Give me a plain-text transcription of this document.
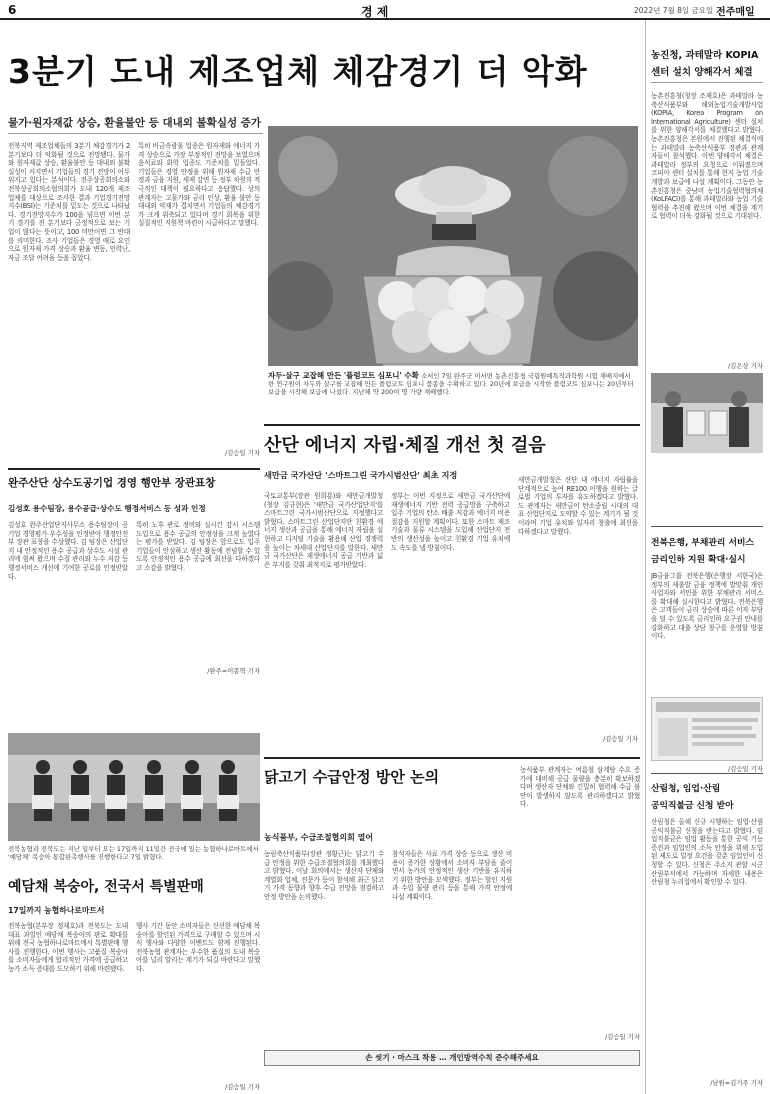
6	경 제	2022년 7월 8일 금요일 전주매일
3분기 도내 제조업체 체감경기 더 악화
물가·원자재값 상승, 환율불안 등 대내외 불확실성 증가
전북지역 제조업체들의 3분기 체감경기가 2분기보다 더 악화될 것으로 전망됐다. 물가와 원자재값 상승, 환율불안 등 대내외 불확실성이 커지면서 기업들의 경기 전망이 어두워지고 있다는 분석이다. 전주상공회의소와 전북상공회의소협의회가 도내 120개 제조업체를 대상으로 조사한 결과 기업경기전망지수(BSI)는 기준치를 밑도는 것으로 나타났다. 경기전망지수가 100을 넘으면 이번 분기 경기를 전 분기보다 긍정적으로 보는 기업이 많다는 뜻이고, 100 미만이면 그 반대를 의미한다. 조사 기업들은 경영 애로 요인으로 원자재 가격 상승과 환율 변동, 인력난, 자금 조달 어려움 등을 꼽았다.
특히 비금속광물 업종은 원자재와 에너지 가격 상승으로 가장 부정적인 전망을 보였으며 음식료와 화학 업종도 기준치를 밑돌았다. 기업들은 경영 안정을 위해 원자재 수급 안정과 금융 지원, 세제 감면 등 정부 차원의 적극적인 대책이 필요하다고 응답했다. 상의 관계자는 고물가와 금리 인상, 환율 불안 등 대내외 악재가 겹치면서 기업들의 체감경기가 크게 위축되고 있다며 경기 회복을 위한 실질적인 지원책 마련이 시급하다고 말했다.
/김승일 기자
자두·살구 교잡해 만든 '플럼코트 심포니' 수확 소서인 7일 완주군 이서면 농촌진흥청 국립원예특작과학원 시험 재배지에서 한 연구원이 자두와 살구를 교잡해 만든 플럼코트 심포니 품종을 수확하고 있다. 20년에 보급을 시작한 플럼코트 심포니는 20년부터 보급을 시작해 보급에 나섰다. 지난해 약 200여 명 가량 재배했다.
농진청, 과테말라 KOPIA
센터 설치 양해각서 체결
농촌진흥청(청장 조재호)은 과테말라 농축산식품부와 해외농업기술개발사업(KOPIA, Korea Program on International Agriculture) 센터 설치를 위한 양해각서를 체결했다고 밝혔다. 농촌진흥청은 본원에서 진행된 체결식에는 과테말라 농축산식품부 장관과 관계자들이 참석했다. 이번 양해각서 체결은 과테말라 정부의 요청으로 이뤄졌으며 코피아 센터 설치를 통해 현지 농업 기술 개발과 보급에 나설 계획이다. 그동안 농촌진흥청은 중남미 농업기술협력협의체(KoLFACI)를 통해 과테말라와 농업 기술 협력을 추진해 왔으며 이번 체결을 계기로 협력이 더욱 강화될 것으로 기대된다.
/김은상 기자
산단 에너지 자립·체질 개선 첫 걸음
새만금 국가산단 '스마트그린 국가시범산단' 최초 지정
국토교통부(장관 원희룡)와 새만금개발청(청장 김규현)은 '새만금 국가산업단지'를 스마트그린 국가시범산단으로 지정했다고 밝혔다. 스마트그린 산업단지란 친환경 에너지 생산과 공급을 통해 에너지 자립을 실현하고 디지털 기술을 활용해 산업 경쟁력을 높이는 차세대 산업단지를 말한다. 새만금 국가산단은 재생에너지 공급 기반과 넓은 부지를 갖춰 최적지로 평가받았다.
정부는 이번 지정으로 새만금 국가산단에 재생에너지 기반 전력 공급망을 구축하고 입주 기업의 탄소 배출 저감과 에너지 비용 절감을 지원할 계획이다. 또한 스마트 제조 기술과 물류 시스템을 도입해 산업단지 전반의 생산성을 높이고 친환경 기업 유치에도 속도를 낼 방침이다.
새만금개발청은 산단 내 에너지 자립률을 단계적으로 높여 RE100 이행을 원하는 글로벌 기업의 투자를 유도하겠다고 밝혔다. 도 관계자는 새만금이 탄소중립 시대의 대표 산업단지로 도약할 수 있는 계기가 될 것이라며 기업 유치와 일자리 창출에 최선을 다하겠다고 말했다.
/김승일 기자
완주산단 상수도공기업 경영 행안부 장관표창
김성호 용수팀장, 용수공급·상수도 행정서비스 등 성과 인정
김성호 완주산업단지사무소 용수팀장이 공기업 경영평가 우수성을 인정받아 행정안전부 장관 표창을 수상했다. 김 팀장은 산업단지 내 안정적인 용수 공급과 상수도 시설 관리에 힘써 왔으며 수질 관리와 누수 저감 등 행정서비스 개선에 기여한 공로를 인정받았다.
특히 노후 관로 정비와 실시간 감시 시스템 도입으로 용수 공급의 안정성을 크게 높였다는 평가를 받았다. 김 팀장은 앞으로도 입주 기업들이 안심하고 생산 활동에 전념할 수 있도록 안정적인 용수 공급에 최선을 다하겠다고 소감을 밝혔다.
/완주=이종혁 기자
전북농협과 전북도는 지난 일부터 오는 17일까지 11일간 전국에 있는 농협하나로마트에서 '예담채' 복숭아 통합판촉행사를 진행한다고 7일 밝혔다.
예담채 복숭아, 전국서 특별판매
17일까지 농협하나로마트서
전북농협(본부장 정재호)과 전북도는 도내 대표 과일인 예담채 복숭아의 판로 확대를 위해 전국 농협하나로마트에서 특별판매 행사를 진행한다. 이번 행사는 고품질 복숭아를 소비자들에게 합리적인 가격에 공급하고 농가 소득 증대를 도모하기 위해 마련됐다.
행사 기간 동안 소비자들은 신선한 예담채 복숭아를 할인된 가격으로 구매할 수 있으며 시식 행사와 다양한 이벤트도 함께 진행된다. 전북농협 관계자는 우수한 품질의 도내 복숭아를 널리 알리는 계기가 되길 바란다고 말했다.
/김승일 기자
닭고기 수급안정 방안 논의
농식품부, 수급조절협의회 열어
농림축산식품부(장관 정황근)는 닭고기 수급 안정을 위한 수급조절협의회를 개최했다고 밝혔다. 이날 회의에서는 생산자 단체와 계열화 업체, 전문가 등이 참석해 최근 닭고기 가격 동향과 향후 수급 전망을 점검하고 안정 방안을 논의했다.
참석자들은 사료 가격 상승 등으로 생산 비용이 증가한 상황에서 소비자 부담을 줄이면서 농가의 안정적인 생산 기반을 유지하기 위한 방안을 모색했다. 정부는 할인 지원과 수입 물량 관리 등을 통해 가격 안정에 나설 계획이다.
농식품부 관계자는 여름철 삼계탕 수요 증가에 대비해 공급 물량을 충분히 확보하겠다며 생산자 단체와 긴밀히 협력해 수급 불안이 발생하지 않도록 관리하겠다고 밝혔다.
/김승일 기자
손 씻기 · 마스크 착용 … 개인방역수칙 준수해주세요
전북은행, 부채관리 서비스
금리인하 지원 확대·실시
JB금융그룹 전북은행(은행장 서한국)은 정부의 새출발 금융 정책에 발맞춰 개인사업자와 서민을 위한 부채관리 서비스를 확대해 실시한다고 밝혔다. 전북은행은 고객들이 금리 상승에 따른 이자 부담을 덜 수 있도록 금리인하 요구권 안내를 강화하고 대출 상담 창구를 운영할 방침이다.
/김승일 기자
산림청, 임업·산림
공익직불금 신청 받아
산림청은 올해 신규 시행하는 임업·산림 공익직불금 신청을 받는다고 밝혔다. 임업직불금은 임업 활동을 통한 공익 기능 증진과 임업인의 소득 안정을 위해 도입된 제도로 일정 요건을 갖춘 임업인이 신청할 수 있다. 신청은 주소지 관할 시군 산림부서에서 가능하며 자세한 내용은 산림청 누리집에서 확인할 수 있다.
/남원=김기주 기자
